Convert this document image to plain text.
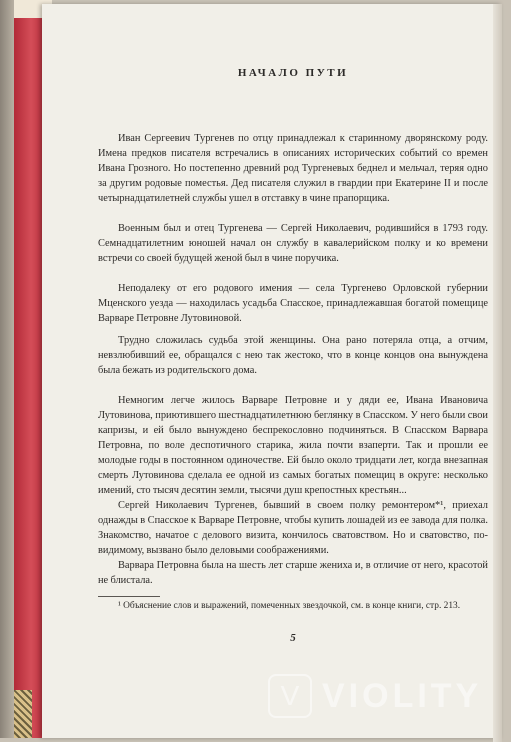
НАЧАЛО ПУТИ

Иван Сергеевич Тургенев по отцу принадлежал к старинному дворянскому роду. Имена предков писателя встречались в описаниях исторических событий со времен Ивана Грозного. Но постепенно древний род Тургеневых беднел и мельчал, теряя одно за другим родовые поместья. Дед писателя служил в гвардии при Екатерине II и после четырнадцатилетней службы ушел в отставку в чине прапорщика.

Военным был и отец Тургенева — Сергей Николаевич, родившийся в 1793 году. Семнадцатилетним юношей начал он службу в кавалерийском полку и ко времени встречи со своей будущей женой был в чине поручика.

Неподалеку от его родового имения — села Тургенево Орловской губернии Мценского уезда — находилась усадьба Спасское, принадлежавшая богатой помещице Варваре Петровне Лутовиновой.

Трудно сложилась судьба этой женщины. Она рано потеряла отца, а отчим, невзлюбивший ее, обращался с нею так жестоко, что в конце концов она вынуждена была бежать из родительского дома.

Немногим легче жилось Варваре Петровне и у дяди ее, Ивана Ивановича Лутовинова, приютившего шестнадцатилетнюю беглянку в Спасском. У него были свои капризы, и ей было вынуждено беспрекословно подчиняться. В Спасском Варвара Петровна, по воле деспотичного старика, жила почти взаперти. Так и прошли ее молодые годы в постоянном одиночестве. Ей было около тридцати лет, когда внезапная смерть Лутовинова сделала ее одной из самых богатых помещиц в округе: несколько имений, сто тысяч десятин земли, тысячи душ крепостных крестьян...

Сергей Николаевич Тургенев, бывший в своем полку ремонтером*¹, приехал однажды в Спасское к Варваре Петровне, чтобы купить лошадей из ее завода для полка. Знакомство, начатое с делового визита, кончилось сватовством. Но и сватовство, по-видимому, вызвано было деловыми соображениями.

Варвара Петровна была на шесть лет старше жениха и, в отличие от него, красотой не блистала.

¹ Объяснение слов и выражений, помеченных звездочкой, см. в конце книги, стр. 213.

5

V VIOLITY
